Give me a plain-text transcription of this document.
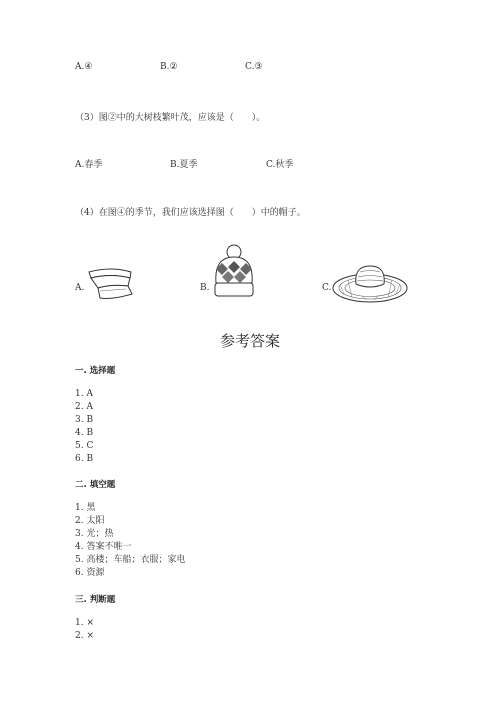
A.④	B.②	C.③
（3）图②中的大树枝繁叶茂，应该是（　　）。
A.春季	B.夏季	C.秋季
（4）在图④的季节，我们应该选择图（　　）中的帽子。
A.	B.	C.
参考答案
一. 选择题
1. A
2. A
3. B
4. B
5. C
6. B
二. 填空题
1. 黑
2. 太阳
3. 光；热
4. 答案不唯一
5. 高楼；车船；衣服；家电
6. 资源
三. 判断题
1. ×
2. ×
